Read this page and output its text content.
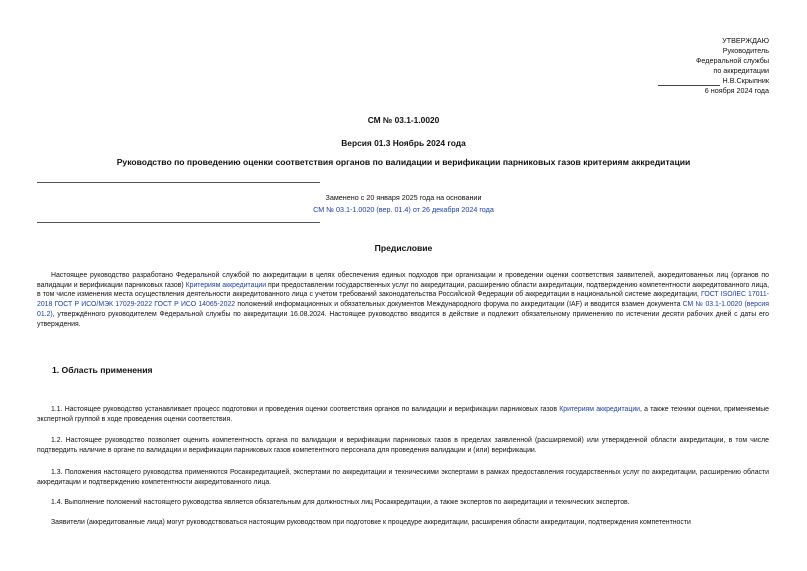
УТВЕРЖДАЮ
Руководитель
Федеральной службы
по аккредитации
Н.В.Скрыпник
6 ноября 2024 года
СМ № 03.1-1.0020
Версия 01.3 Ноябрь 2024 года
Руководство по проведению оценки соответствия органов по валидации и верификации парниковых газов критериям аккредитации
Заменено с 20 января 2025 года на основании
СМ № 03.1-1.0020 (вер. 01.4) от 26 декабря 2024 года
Предисловие
Настоящее руководство разработано Федеральной службой по аккредитации в целях обеспечения единых подходов при организации и проведении оценки соответствия заявителей, аккредитованных лиц (органов по валидации и верификации парниковых газов) Критериям аккредитации при предоставлении государственных услуг по аккредитации, расширению области аккредитации, подтверждению компетентности аккредитованного лица, в том числе изменения места осуществления деятельности аккредитованного лица с учетом требований законодательства Российской Федерации об аккредитации в национальной системе аккредитации, ГОСТ ISO/IEC 17011-2018 ГОСТ Р ИСО/МЭК 17029-2022 ГОСТ Р ИСО 14065-2022 положений информационных и обязательных документов Международного форума по аккредитации (IAF) и вводится взамен документа СМ № 03.1-1.0020 (версия 01.2), утверждённого руководителем Федеральной службы по аккредитации 16.08.2024. Настоящее руководство вводится в действие и подлежит обязательному применению по истечении десяти рабочих дней с даты его утверждения.
1. Область применения
1.1. Настоящее руководство устанавливает процесс подготовки и проведения оценки соответствия органов по валидации и верификации парниковых газов Критериям аккредитации, а также техники оценки, применяемые экспертной группой в ходе проведения оценки соответствия.
1.2. Настоящее руководство позволяет оценить компетентность органа по валидации и верификации парниковых газов в пределах заявленной (расширяемой) или утвержденной области аккредитации, в том числе подтвердить наличие в органе по валидации и верификации парниковых газов компетентного персонала для проведения валидации и (или) верификации.
1.3. Положения настоящего руководства применяются Росаккредитацией, экспертами по аккредитации и техническими экспертами в рамках предоставления государственных услуг по аккредитации, расширению области аккредитации и подтверждению компетентности аккредитованного лица.
1.4. Выполнение положений настоящего руководства является обязательным для должностных лиц Росаккредитации, а также экспертов по аккредитации и технических экспертов.
Заявители (аккредитованные лица) могут руководствоваться настоящим руководством при подготовке к процедуре аккредитации, расширения области аккредитации, подтверждения компетентности
